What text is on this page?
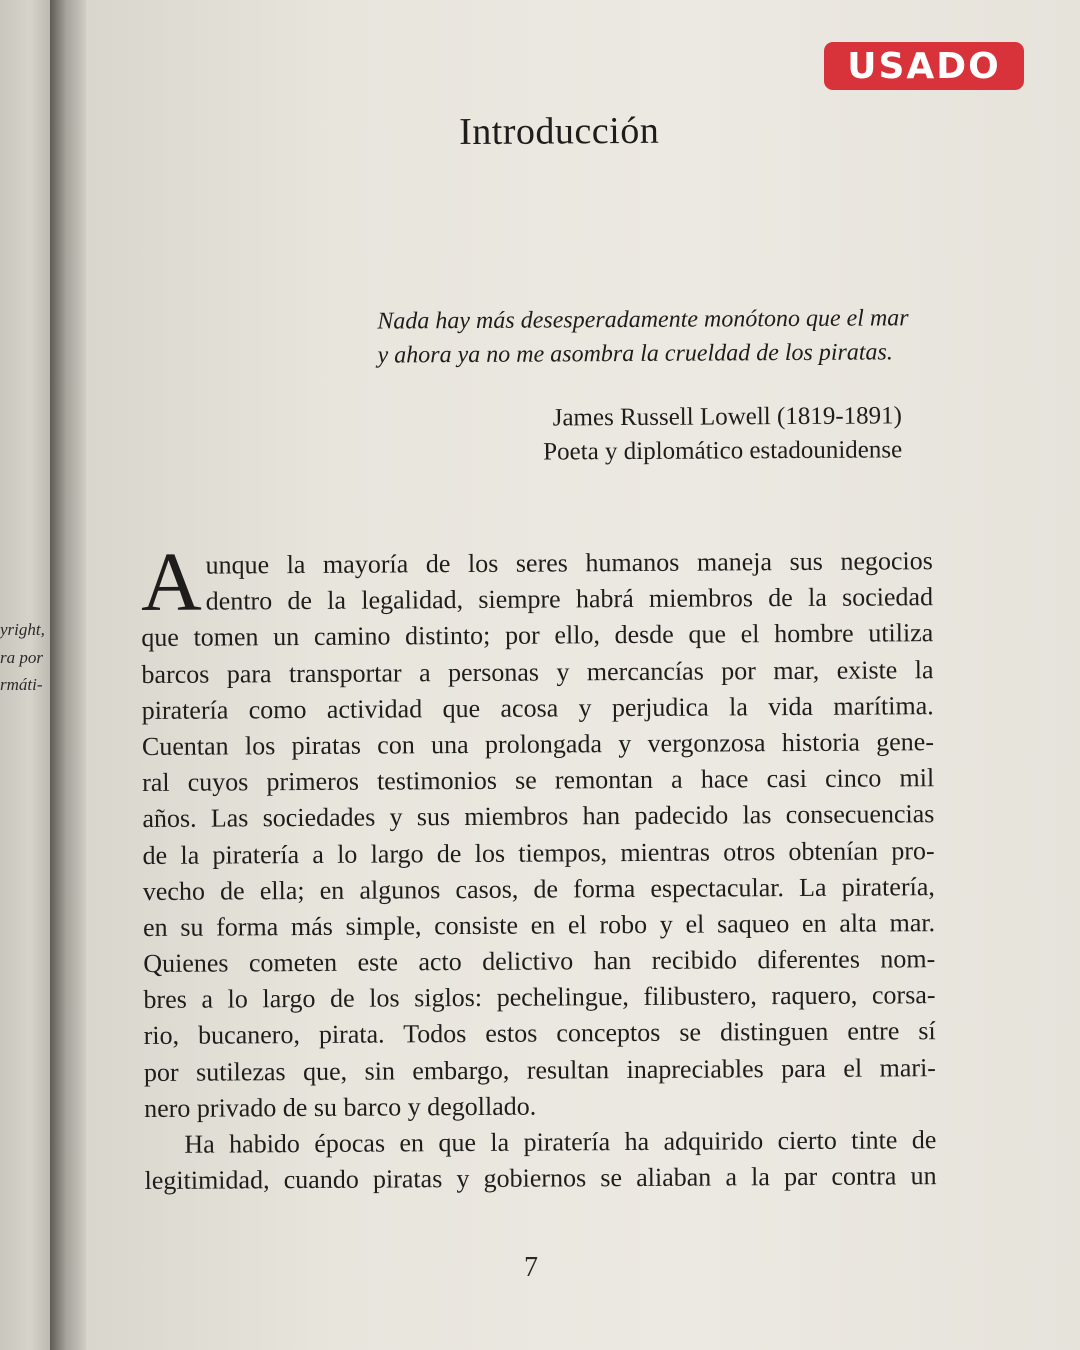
yright,
ra por
rmáti-
USADO
Introducción
Nada hay más desesperadamente monótono que el mar
y ahora ya no me asombra la crueldad de los piratas.
James Russell Lowell (1819-1891)
Poeta y diplomático estadounidense
A unque la mayoría de los seres humanos maneja sus negocios
dentro de la legalidad, siempre habrá miembros de la sociedad
que tomen un camino distinto; por ello, desde que el hombre utiliza
barcos para transportar a personas y mercancías por mar, existe la
piratería como actividad que acosa y perjudica la vida marítima.
Cuentan los piratas con una prolongada y vergonzosa historia gene-
ral cuyos primeros testimonios se remontan a hace casi cinco mil
años. Las sociedades y sus miembros han padecido las consecuencias
de la piratería a lo largo de los tiempos, mientras otros obtenían pro-
vecho de ella; en algunos casos, de forma espectacular. La piratería,
en su forma más simple, consiste en el robo y el saqueo en alta mar.
Quienes cometen este acto delictivo han recibido diferentes nom-
bres a lo largo de los siglos: pechelingue, filibustero, raquero, corsa-
rio, bucanero, pirata. Todos estos conceptos se distinguen entre sí
por sutilezas que, sin embargo, resultan inapreciables para el mari-
nero privado de su barco y degollado.
Ha habido épocas en que la piratería ha adquirido cierto tinte de
legitimidad, cuando piratas y gobiernos se aliaban a la par contra un
7
